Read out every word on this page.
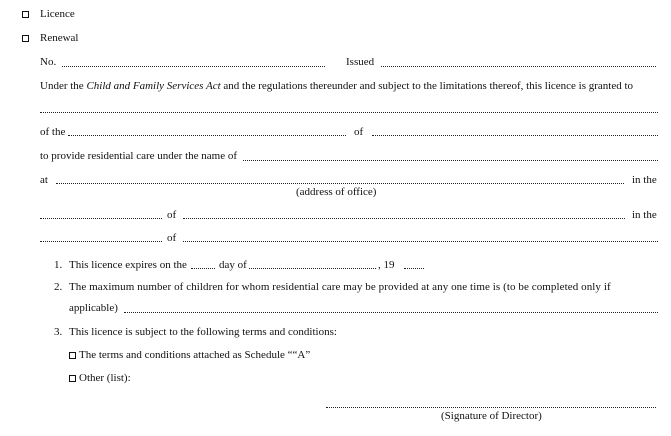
Licence
Renewal
No.	Issued
Under the Child and Family Services Act and the regulations thereunder and subject to the limitations thereof, this licence is granted to
of the	of
to provide residential care under the name of
at	in the
(address of office)
of	in the
of
1. This licence expires on the	day of	, 19
2. The maximum number of children for whom residential care may be provided at any one time is (to be completed only if
applicable)
3. This licence is subject to the following terms and conditions:
The terms and conditions attached as Schedule ““A”
Other (list):
(Signature of Director)
